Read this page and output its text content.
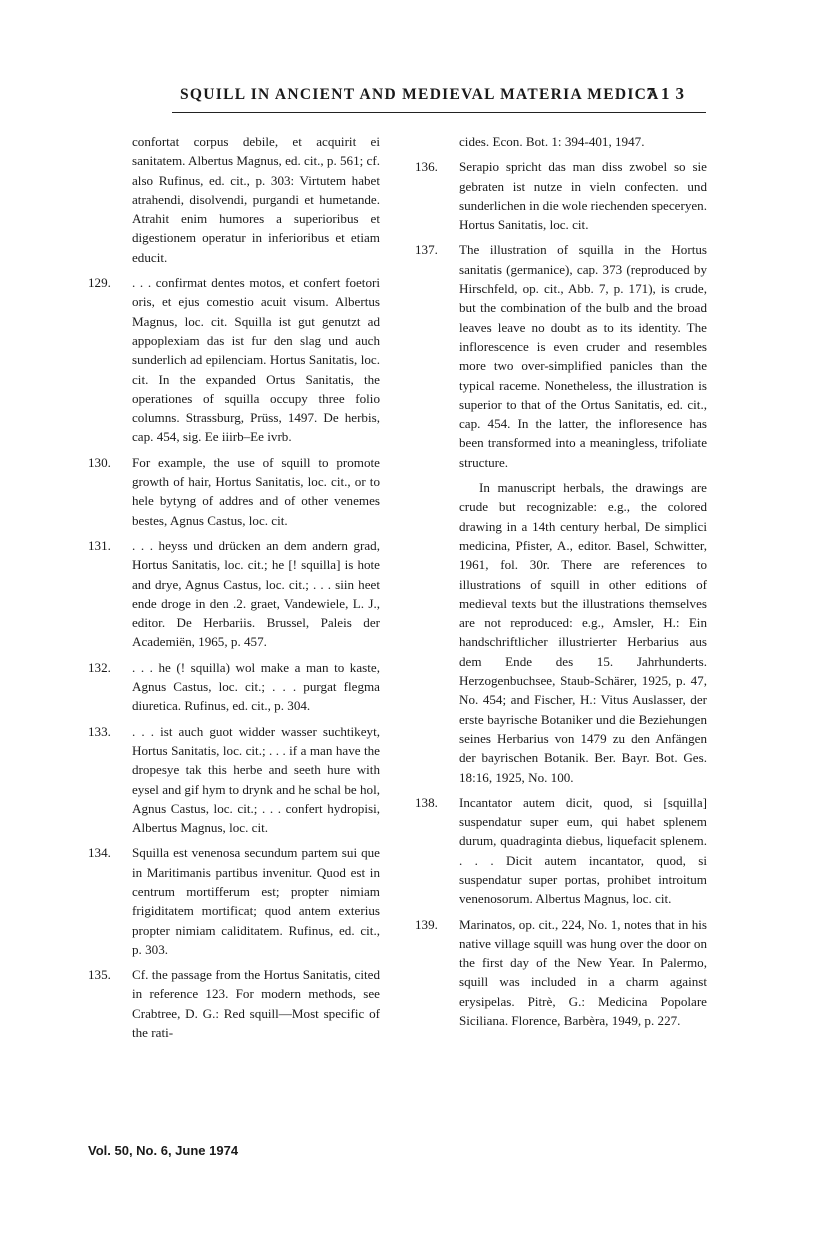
SQUILL IN ANCIENT AND MEDIEVAL MATERIA MEDICA
713

confortat corpus debile, et acquirit ei sanitatem. Albertus Magnus, ed. cit., p. 561; cf. also Rufinus, ed. cit., p. 303: Virtutem habet atrahendi, disolvendi, purgandi et humetande. Atrahit enim humores a superioribus et digestionem operatur in inferioribus et etiam educit.

129. . . . confirmat dentes motos, et confert foetori oris, et ejus comestio acuit visum. Albertus Magnus, loc. cit. Squilla ist gut genutzt ad appoplexiam das ist fur den slag und auch sunderlich ad epilenciam. Hortus Sanitatis, loc. cit. In the expanded Ortus Sanitatis, the operationes of squilla occupy three folio columns. Strassburg, Prüss, 1497. De herbis, cap. 454, sig. Ee iiirb–Ee ivrb.
130. For example, the use of squill to promote growth of hair, Hortus Sanitatis, loc. cit., or to hele bytyng of addres and of other venemes bestes, Agnus Castus, loc. cit.
131. . . . heyss und drücken an dem andern grad, Hortus Sanitatis, loc. cit.; he [! squilla] is hote and drye, Agnus Castus, loc. cit.; . . . siin heet ende droge in den .2. graet, Vandewiele, L. J., editor. De Herbariis. Brussel, Paleis der Academiën, 1965, p. 457.
132. . . . he (! squilla) wol make a man to kaste, Agnus Castus, loc. cit.; . . . purgat flegma diuretica. Rufinus, ed. cit., p. 304.
133. . . . ist auch guot widder wasser suchtikeyt, Hortus Sanitatis, loc. cit.; . . . if a man have the dropesye tak this herbe and seeth hure with eysel and gif hym to drynk and he schal be hol, Agnus Castus, loc. cit.; . . . confert hydropisi, Albertus Magnus, loc. cit.
134. Squilla est venenosa secundum partem sui que in Maritimanis partibus invenitur. Quod est in centrum mortifferum est; propter nimiam frigiditatem mortificat; quod antem exterius propter nimiam caliditatem. Rufinus, ed. cit., p. 303.
135. Cf. the passage from the Hortus Sanitatis, cited in reference 123. For modern methods, see Crabtree, D. G.: Red squill—Most specific of the rati-

cides. Econ. Bot. 1: 394-401, 1947.

136. Serapio spricht das man diss zwobel so sie gebraten ist nutze in vieln confecten. und sunderlichen in die wole riechenden speceryen. Hortus Sanitatis, loc. cit.
137. The illustration of squilla in the Hortus sanitatis (germanice), cap. 373 (reproduced by Hirschfeld, op. cit., Abb. 7, p. 171), is crude, but the combination of the bulb and the broad leaves leave no doubt as to its identity. The inflorescence is even cruder and resembles more two over-simplified panicles than the typical raceme. Nonetheless, the illustration is superior to that of the Ortus Sanitatis, ed. cit., cap. 454. In the latter, the infloresence has been transformed into a meaningless, trifoliate structure.

In manuscript herbals, the drawings are crude but recognizable: e.g., the colored drawing in a 14th century herbal, De simplici medicina, Pfister, A., editor. Basel, Schwitter, 1961, fol. 30r. There are references to illustrations of squill in other editions of medieval texts but the illustrations themselves are not reproduced: e.g., Amsler, H.: Ein handschriftlicher illustrierter Herbarius aus dem Ende des 15. Jahrhunderts. Herzogenbuchsee, Staub-Schärer, 1925, p. 47, No. 454; and Fischer, H.: Vitus Auslasser, der erste bayrische Botaniker und die Beziehungen seines Herbarius von 1479 zu den Anfängen der bayrischen Botanik. Ber. Bayr. Bot. Ges. 18:16, 1925, No. 100.

138. Incantator autem dicit, quod, si [squilla] suspendatur super eum, qui habet splenem durum, quadraginta diebus, liquefacit splenem. . . . Dicit autem incantator, quod, si suspendatur super portas, prohibet introitum venenosorum. Albertus Magnus, loc. cit.
139. Marinatos, op. cit., 224, No. 1, notes that in his native village squill was hung over the door on the first day of the New Year. In Palermo, squill was included in a charm against erysipelas. Pitrè, G.: Medicina Popolare Siciliana. Florence, Barbèra, 1949, p. 227.
Vol. 50, No. 6, June 1974
